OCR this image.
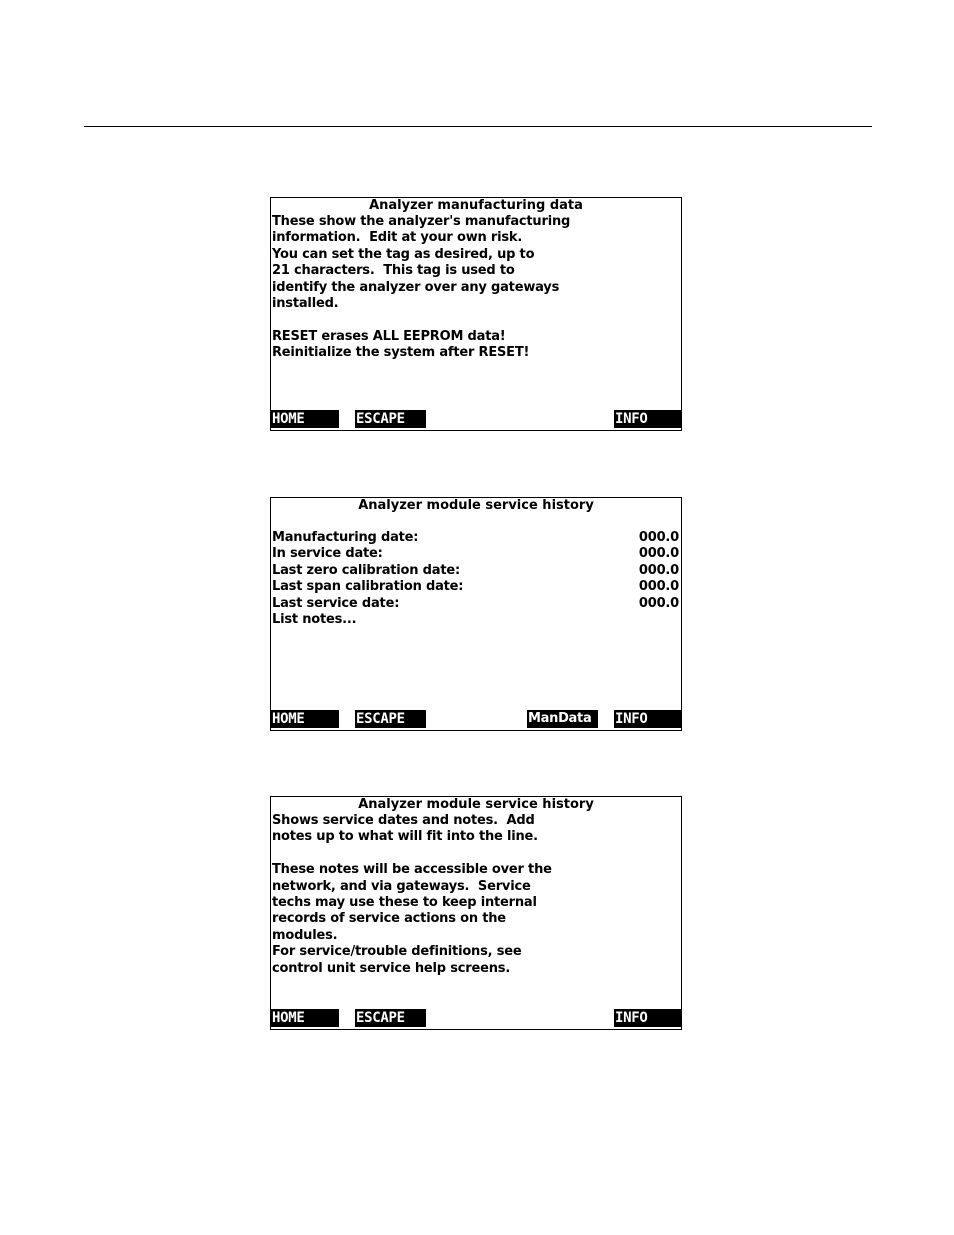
Analyzer manufacturing data
These show the analyzer's manufacturing
information.  Edit at your own risk.
You can set the tag as desired, up to
21 characters.  This tag is used to
identify the analyzer over any gateways
installed.
RESET erases ALL EEPROM data!
Reinitialize the system after RESET!
HOME	ESCAPE	INFO
Analyzer module service history
Manufacturing date:	000.0
In service date:	000.0
Last zero calibration date:	000.0
Last span calibration date:	000.0
Last service date:	000.0
List notes...
HOME	ESCAPE	ManData	INFO
Analyzer module service history
Shows service dates and notes.  Add
notes up to what will fit into the line.
These notes will be accessible over the
network, and via gateways.  Service
techs may use these to keep internal
records of service actions on the
modules.
For service/trouble definitions, see
control unit service help screens.
HOME	ESCAPE	INFO
